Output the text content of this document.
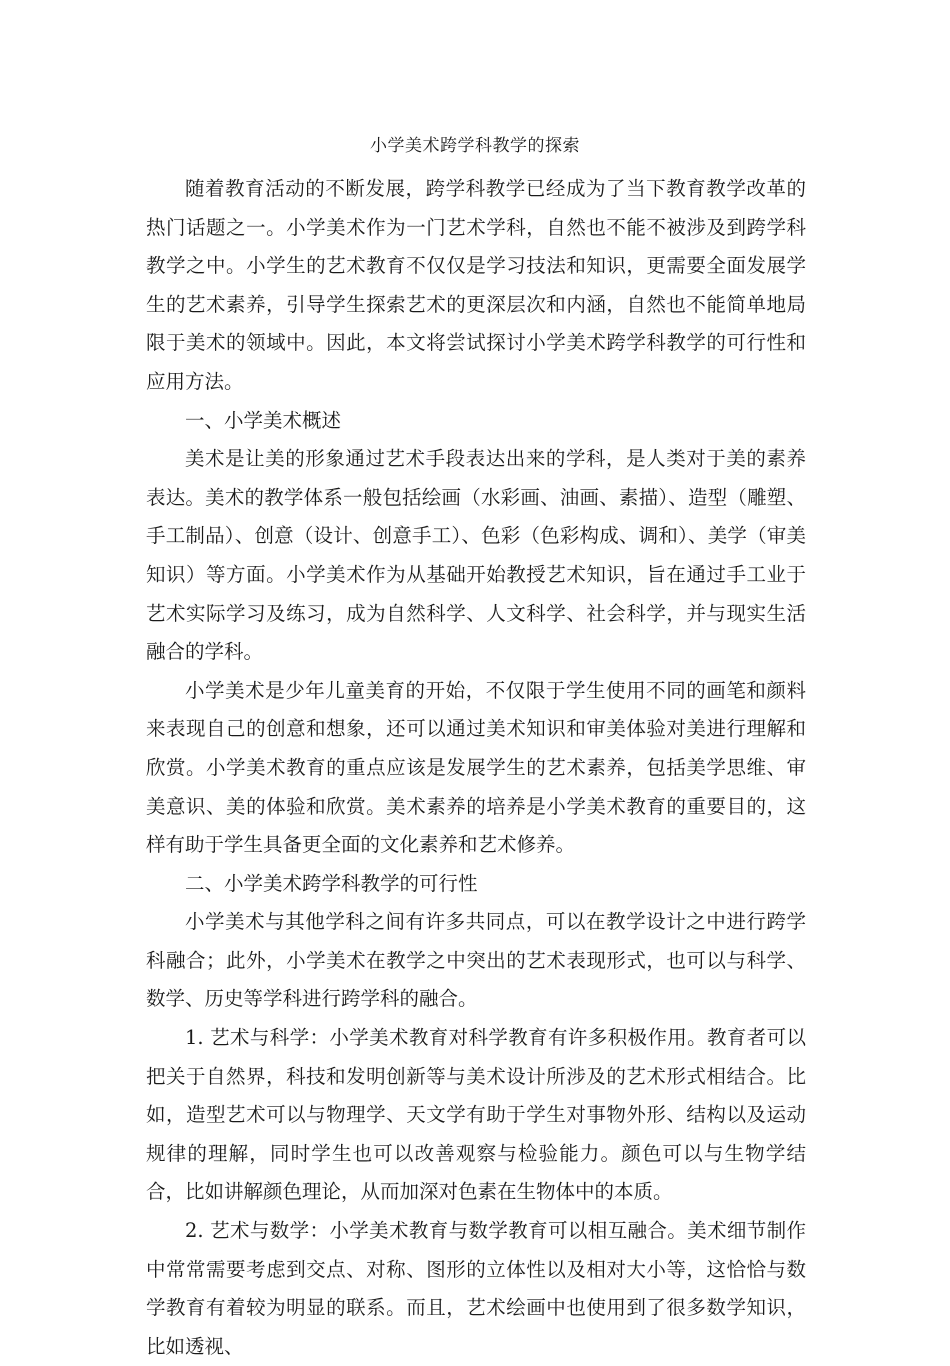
小学美术跨学科教学的探索

随着教育活动的不断发展，跨学科教学已经成为了当下教育教学改革的热门话题之一。小学美术作为一门艺术学科，自然也不能不被涉及到跨学科教学之中。小学生的艺术教育不仅仅是学习技法和知识，更需要全面发展学生的艺术素养，引导学生探索艺术的更深层次和内涵，自然也不能简单地局限于美术的领域中。因此，本文将尝试探讨小学美术跨学科教学的可行性和应用方法。

一、小学美术概述

美术是让美的形象通过艺术手段表达出来的学科，是人类对于美的素养表达。美术的教学体系一般包括绘画（水彩画、油画、素描）、造型（雕塑、手工制品）、创意（设计、创意手工）、色彩（色彩构成、调和）、美学（审美知识）等方面。小学美术作为从基础开始教授艺术知识，旨在通过手工业于艺术实际学习及练习，成为自然科学、人文科学、社会科学，并与现实生活融合的学科。

小学美术是少年儿童美育的开始，不仅限于学生使用不同的画笔和颜料来表现自己的创意和想象，还可以通过美术知识和审美体验对美进行理解和欣赏。小学美术教育的重点应该是发展学生的艺术素养，包括美学思维、审美意识、美的体验和欣赏。美术素养的培养是小学美术教育的重要目的，这样有助于学生具备更全面的文化素养和艺术修养。

二、小学美术跨学科教学的可行性

小学美术与其他学科之间有许多共同点，可以在教学设计之中进行跨学科融合；此外，小学美术在教学之中突出的艺术表现形式，也可以与科学、数学、历史等学科进行跨学科的融合。

1. 艺术与科学：小学美术教育对科学教育有许多积极作用。教育者可以把关于自然界，科技和发明创新等与美术设计所涉及的艺术形式相结合。比如，造型艺术可以与物理学、天文学有助于学生对事物外形、结构以及运动规律的理解，同时学生也可以改善观察与检验能力。颜色可以与生物学结合，比如讲解颜色理论，从而加深对色素在生物体中的本质。

2. 艺术与数学：小学美术教育与数学教育可以相互融合。美术细节制作中常常需要考虑到交点、对称、图形的立体性以及相对大小等，这恰恰与数学教育有着较为明显的联系。而且，艺术绘画中也使用到了很多数学知识，比如透视、
